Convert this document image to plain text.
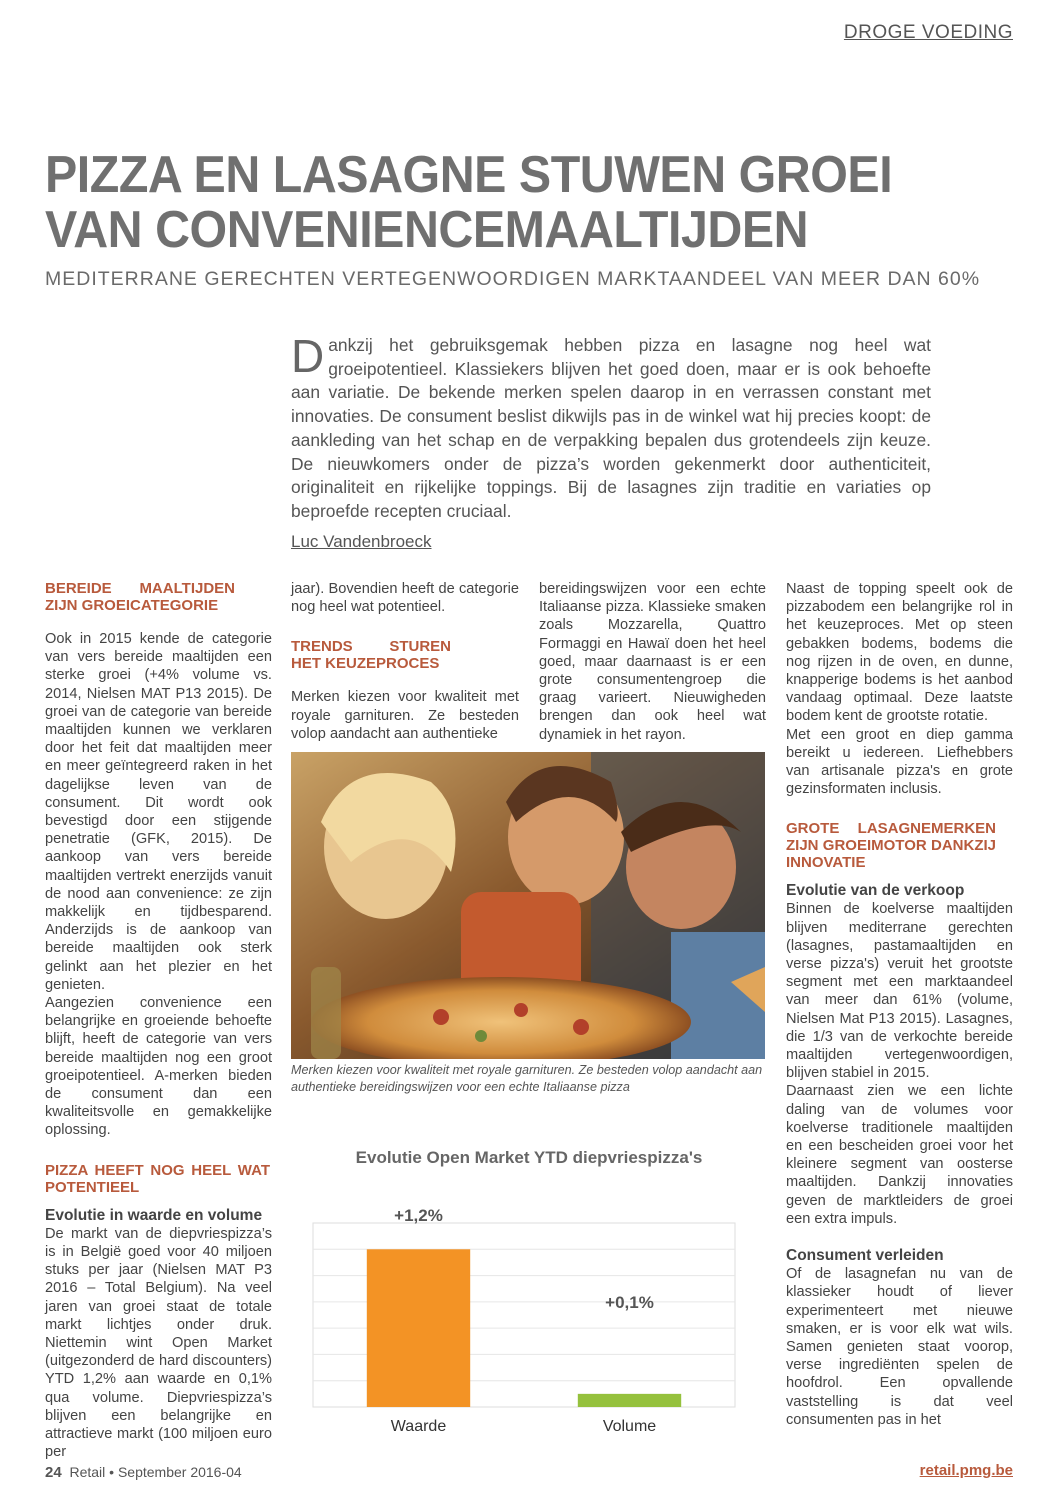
DROGE VOEDING
PIZZA EN LASAGNE STUWEN GROEI VAN CONVENIENCEMAALTIJDEN
MEDITERRANE GERECHTEN VERTEGENWOORDIGEN MARKTAANDEEL VAN MEER DAN 60%
Dankzij het gebruiksgemak hebben pizza en lasagne nog heel wat groeipotentieel. Klassiekers blijven het goed doen, maar er is ook behoefte aan variatie. De bekende merken spelen daarop in en verrassen constant met innovaties. De consument beslist dikwijls pas in de winkel wat hij precies koopt: de aankleding van het schap en de verpakking bepalen dus grotendeels zijn keuze. De nieuwkomers onder de pizza’s worden gekenmerkt door authenticiteit, originaliteit en rijkelijke toppings. Bij de lasagnes zijn traditie en variaties op beproefde recepten cruciaal.
Luc Vandenbroeck

BEREIDE MAALTIJDEN ZIJN GROEICATEGORIE

Ook in 2015 kende de categorie van vers bereide maaltijden een sterke groei (+4% volume vs. 2014, Nielsen MAT P13 2015). De groei van de categorie van bereide maaltijden kunnen we verklaren door het feit dat maaltijden meer en meer geïntegreerd raken in het dagelijkse leven van de consument. Dit wordt ook bevestigd door een stijgende penetratie (GFK, 2015). De aankoop van vers bereide maaltijden vertrekt enerzijds vanuit de nood aan convenience: ze zijn makkelijk en tijdbesparend. Anderzijds is de aankoop van bereide maaltijden ook sterk gelinkt aan het plezier en het genieten.

Aangezien convenience een belangrijke en groeiende behoefte blijft, heeft de categorie van vers bereide maaltijden nog een groot groeipotentieel. A-merken bieden de consument dan een kwaliteitsvolle en gemakkelijke oplossing.

PIZZA HEEFT NOG HEEL WAT POTENTIEEL

Evolutie in waarde en volume

De markt van de diepvriespizza’s is in België goed voor 40 miljoen stuks per jaar (Nielsen MAT P3 2016 – Total Belgium). Na veel jaren van groei staat de totale markt lichtjes onder druk. Niettemin wint Open Market (uitgezonderd de hard discounters) YTD 1,2% aan waarde en 0,1% qua volume. Diepvriespizza’s blijven een belangrijke en attractieve markt (100 miljoen euro per

jaar). Bovendien heeft de categorie nog heel wat potentieel.

TRENDS STUREN HET KEUZEPROCES

Merken kiezen voor kwaliteit met royale garnituren. Ze besteden volop aandacht aan authentieke

bereidingswijzen voor een echte Italiaanse pizza. Klassieke smaken zoals Mozzarella, Quattro Formaggi en Hawaï doen het heel goed, maar daarnaast is er een grote consumentengroep die graag varieert. Nieuwigheden brengen dan ook heel wat dynamiek in het rayon.

Naast de topping speelt ook de pizzabodem een belangrijke rol in het keuzeproces. Met op steen gebakken bodems, bodems die nog rijzen in de oven, en dunne, knapperige bodems is het aanbod vandaag optimaal. Deze laatste bodem kent de grootste rotatie.

Met een groot en diep gamma bereikt u iedereen. Liefhebbers van artisanale pizza's en grote gezinsformaten inclusis.

GROTE LASAGNEMERKEN ZIJN GROEIMOTOR DANKZIJ INNOVATIE

Evolutie van de verkoop

Binnen de koelverse maaltijden blijven mediterrane gerechten (lasagnes, pastamaaltijden en verse pizza's) veruit het grootste segment met een marktaandeel van meer dan 61% (volume, Nielsen Mat P13 2015). Lasagnes, die 1/3 van de verkochte bereide maaltijden vertegenwoordigen, blijven stabiel in 2015.

Daarnaast zien we een lichte daling van de volumes voor koelverse traditionele maaltijden en een bescheiden groei voor het kleinere segment van oosterse maaltijden. Dankzij innovaties geven de marktleiders de groei een extra impuls.

Consument verleiden

Of de lasagnefan nu van de klassieker houdt of liever experimenteert met nieuwe smaken, er is voor elk wat wils. Samen genieten staat voorop, verse ingrediënten spelen de hoofdrol. Een opvallende vaststelling is dat veel consumenten pas in het

Merken kiezen voor kwaliteit met royale garnituren. Ze besteden volop aandacht aan authentieke bereidingswijzen voor een echte Italiaanse pizza
Evolutie Open Market YTD diepvriespizza's
+1,2%
+0,1%
Waarde	Volume
24 Retail • September 2016-04	retail.pmg.be
